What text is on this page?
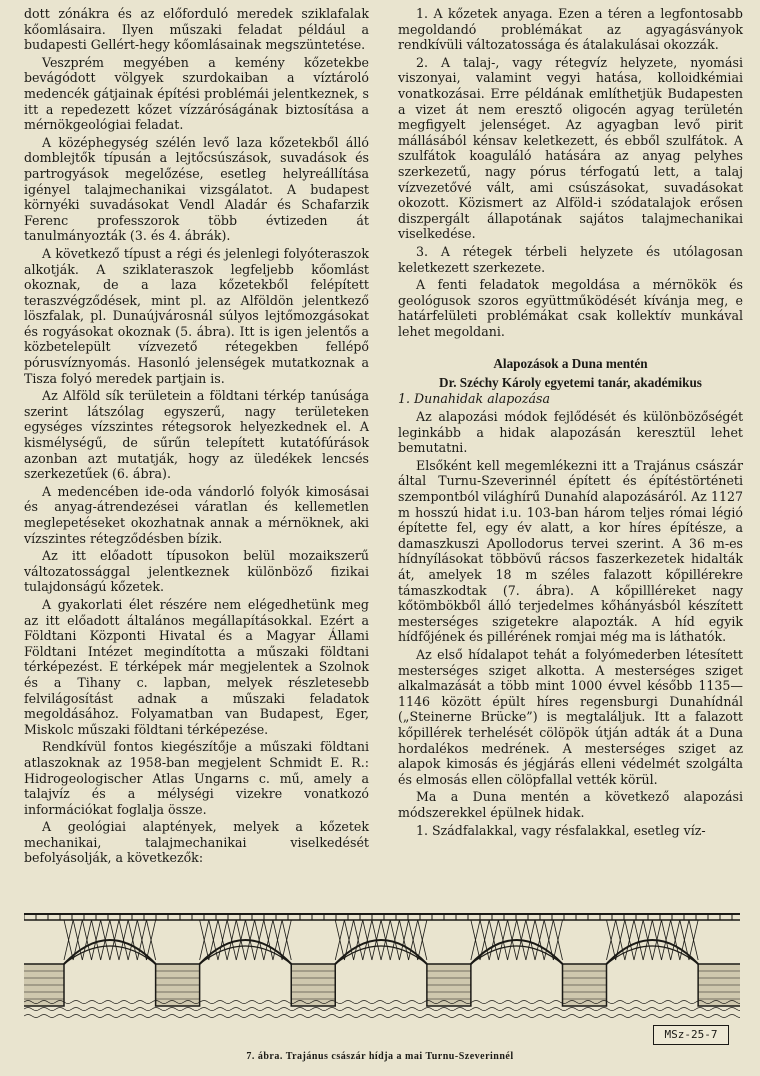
dott zónákra és az előforduló meredek sziklafalak kőomlásaira. Ilyen műszaki feladat például a budapesti Gellért-hegy kőomlásainak megszüntetése.

Veszprém megyében a kemény kőzetekbe bevágódott völgyek szurdokaiban a víztároló medencék gátjainak építési problémái jelentkeznek, s itt a repedezett kőzet vízzáróságának biztosítása a mérnökgeológiai feladat.

A középhegység szélén levő laza kőzetekből álló domblejtők típusán a lejtőcsúszások, suvadások és partrogyások megelőzése, esetleg helyreállítása igényel talajmechanikai vizsgálatot. A budapest környéki suvadásokat Vendl Aladár és Schafarzik Ferenc professzorok több évtizeden át tanulmányozták (3. és 4. ábrák).

A következő típust a régi és jelenlegi folyóteraszok alkotják. A sziklateraszok legfeljebb kőomlást okoznak, de a laza kőzetekből felépített teraszvégződések, mint pl. az Alföldön jelentkező löszfalak, pl. Dunaújvárosnál súlyos lejtőmozgásokat és rogyásokat okoznak (5. ábra). Itt is igen jelentős a közbetelepült vízvezető rétegekben fellépő pórusvíznyomás. Hasonló jelenségek mutatkoznak a Tisza folyó meredek partjain is.

Az Alföld sík területein a földtani térkép tanúsága szerint látszólag egyszerű, nagy területeken egységes vízszintes rétegsorok helyezkednek el. A kismélységű, de sűrűn telepített kutatófúrások azonban azt mutatják, hogy az üledékek lencsés szerkezetűek (6. ábra).

A medencében ide-oda vándorló folyók kimosásai és anyag-átrendezései váratlan és kellemetlen meglepetéseket okozhatnak annak a mérnöknek, aki vízszintes rétegződésben bízik.

Az itt előadott típusokon belül mozaikszerű változatossággal jelentkeznek különböző fizikai tulajdonságú kőzetek.

A gyakorlati élet részére nem elégedhetünk meg az itt előadott általános megállapításokkal. Ezért a Földtani Központi Hivatal és a Magyar Állami Földtani Intézet megindította a műszaki földtani térképezést. E térképek már megjelentek a Szolnok és a Tihany c. lapban, melyek részletesebb felvilágosítást adnak a műszaki feladatok megoldásához. Folyamatban van Budapest, Eger, Miskolc műszaki földtani térképezése.

Rendkívül fontos kiegészítője a műszaki földtani atlaszoknak az 1958-ban megjelent Schmidt E. R.: Hidrogeologischer Atlas Ungarns c. mű, amely a talajvíz és a mélységi vizekre vonatkozó információkat foglalja össze.

A geológiai alaptények, melyek a kőzetek mechanikai, talajmechanikai viselkedését befolyásolják, a következők:

1. A kőzetek anyaga. Ezen a téren a legfontosabb megoldandó problémákat az agyagásványok rendkívüli változatossága és átalakulásai okozzák.

2. A talaj-, vagy rétegvíz helyzete, nyomási viszonyai, valamint vegyi hatása, kolloidkémiai vonatkozásai. Erre példának említhetjük Budapesten a vizet át nem eresztő oligocén agyag területén megfigyelt jelenséget. Az agyagban levő pirit mállásából kénsav keletkezett, és ebből szulfátok. A szulfátok koaguláló hatására az anyag pelyhes szerkezetű, nagy pórus térfogatú lett, a talaj vízvezetővé vált, ami csúszásokat, suvadásokat okozott. Közismert az Alföld-i szódatalajok erősen diszpergált állapotának sajátos talajmechanikai viselkedése.

3. A rétegek térbeli helyzete és utólagosan keletkezett szerkezete.

A fenti feladatok megoldása a mérnökök és geológusok szoros együttműködését kívánja meg, e határfelületi problémákat csak kollektív munkával lehet megoldani.

Alapozások a Duna mentén
Dr. Széchy Károly egyetemi tanár, akadémikus

1. Dunahidak alapozása

Az alapozási módok fejlődését és különbözőségét leginkább a hidak alapozásán keresztül lehet bemutatni.

Elsőként kell megemlékezni itt a Trajánus császár által Turnu-Szeverinnél épített és építéstörténeti szempontból világhírű Dunahíd alapozásáról. Az 1127 m hosszú hidat i.u. 103-ban három teljes római légió építette fel, egy év alatt, a kor híres építésze, a damaszkuszi Apollodorus tervei szerint. A 36 m-es hídnyílásokat többövű rácsos faszerkezetek hidalták át, amelyek 18 m széles falazott kőpillérekre támaszkodtak (7. ábra). A kőpillléreket nagy kőtömbökből álló terjedelmes kőhányásból készített mesterséges szigetekre alapozták. A híd egyik hídfőjének és pillérének romjai még ma is láthatók.

Az első hídalapot tehát a folyómederben létesített mesterséges sziget alkotta. A mesterséges sziget alkalmazását a több mint 1000 évvel később 1135—1146 között épült híres regensburgi Dunahídnál („Steinerne Brücke”) is megtaláljuk. Itt a falazott kőpillérek terhelését cölöpök útján adták át a Duna hordalékos medrének. A mesterséges sziget az alapok kimosás és jégjárás elleni védelmét szolgálta és elmosás ellen cölöpfallal vették körül.

Ma a Duna mentén a következő alapozási módszerekkel épülnek hidak.

1. Szádfalakkal, vagy résfalakkal, esetleg víz-

MSz-25-7
7. ábra. Trajánus császár hídja a mai Turnu-Szeverinnél
